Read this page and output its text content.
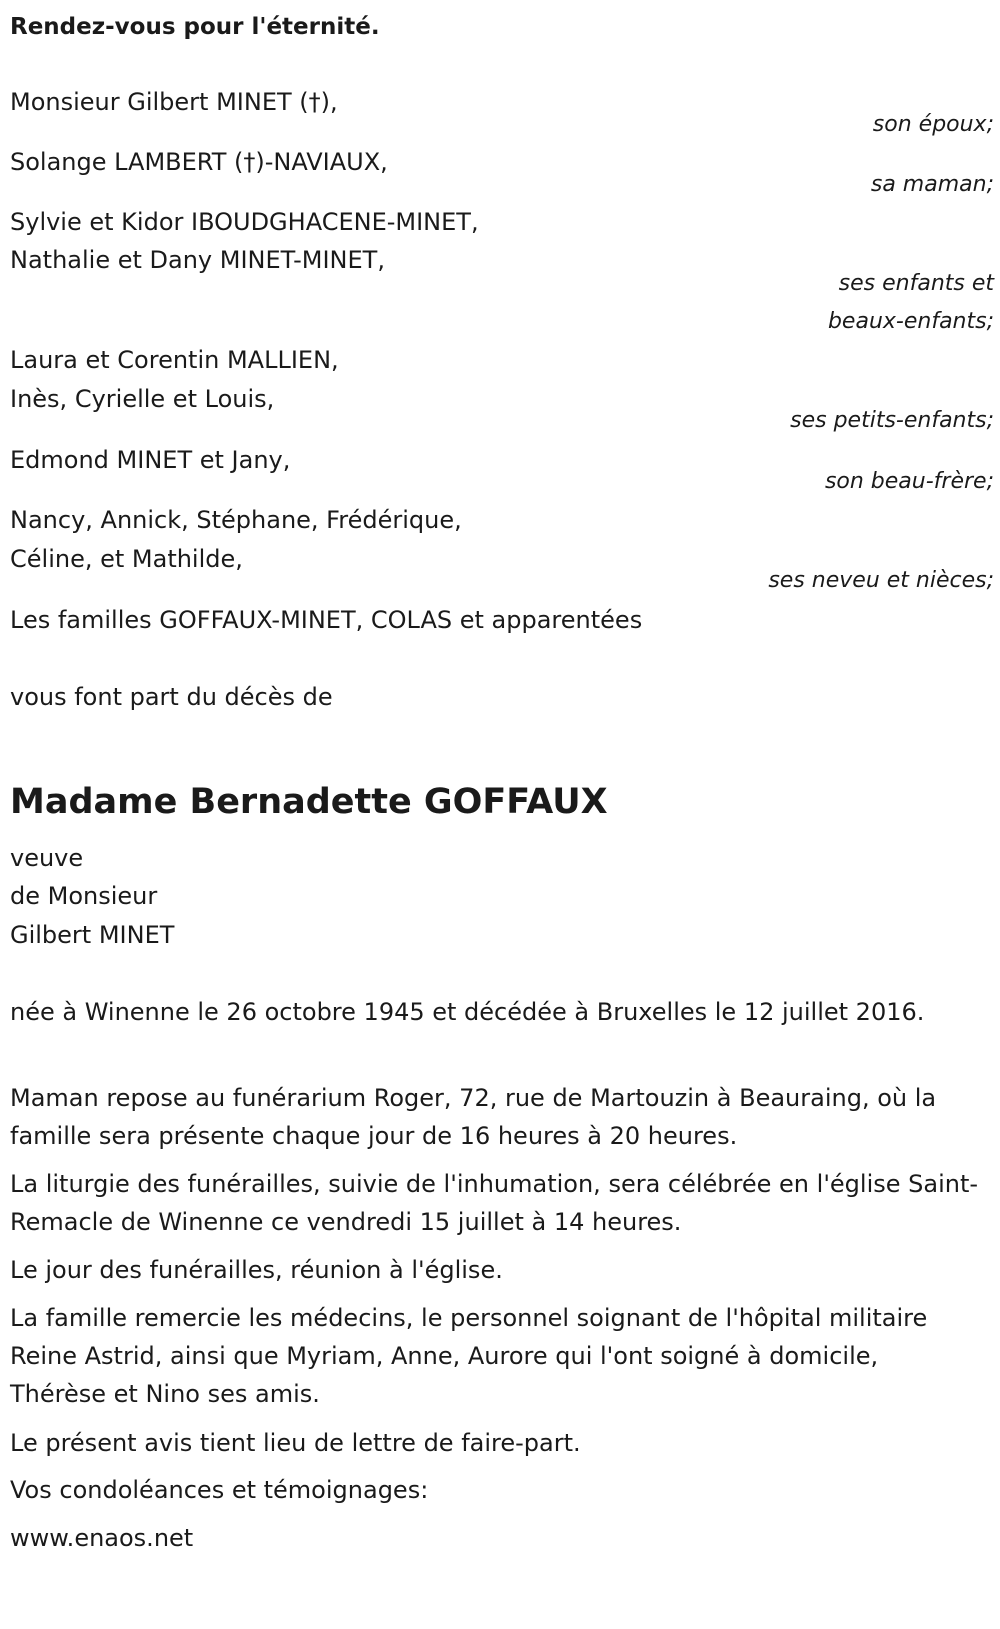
Rendez-vous pour l'éternité.
Monsieur Gilbert MINET (†),
Solange LAMBERT (†)-NAVIAUX,
Sylvie et Kidor IBOUDGHACENE-MINET,
Nathalie et Dany MINET-MINET,
Laura et Corentin MALLIEN,
Inès, Cyrielle et Louis,
Edmond MINET et Jany,
Nancy, Annick, Stéphane, Frédérique,
Céline, et Mathilde,
Les familles GOFFAUX-MINET, COLAS et apparentées
son époux;
sa maman;
ses enfants et
beaux-enfants;
ses petits-enfants;
son beau-frère;
ses neveu et nièces;
vous font part du décès de
Madame Bernadette GOFFAUX
veuve
de Monsieur
Gilbert MINET
née à Winenne le 26 octobre 1945 et décédée à Bruxelles le 12 juillet 2016.
Maman repose au funérarium Roger, 72, rue de Martouzin à Beauraing, où la famille sera présente chaque jour de 16 heures à 20 heures.
La liturgie des funérailles, suivie de l'inhumation, sera célébrée en l'église Saint-Remacle de Winenne ce vendredi 15 juillet à 14 heures.
Le jour des funérailles, réunion à l'église.
La famille remercie les médecins, le personnel soignant de l'hôpital militaire Reine Astrid, ainsi que Myriam, Anne, Aurore qui l'ont soigné à domicile, Thérèse et Nino ses amis.
Le présent avis tient lieu de lettre de faire-part.
Vos condoléances et témoignages:
www.enaos.net
